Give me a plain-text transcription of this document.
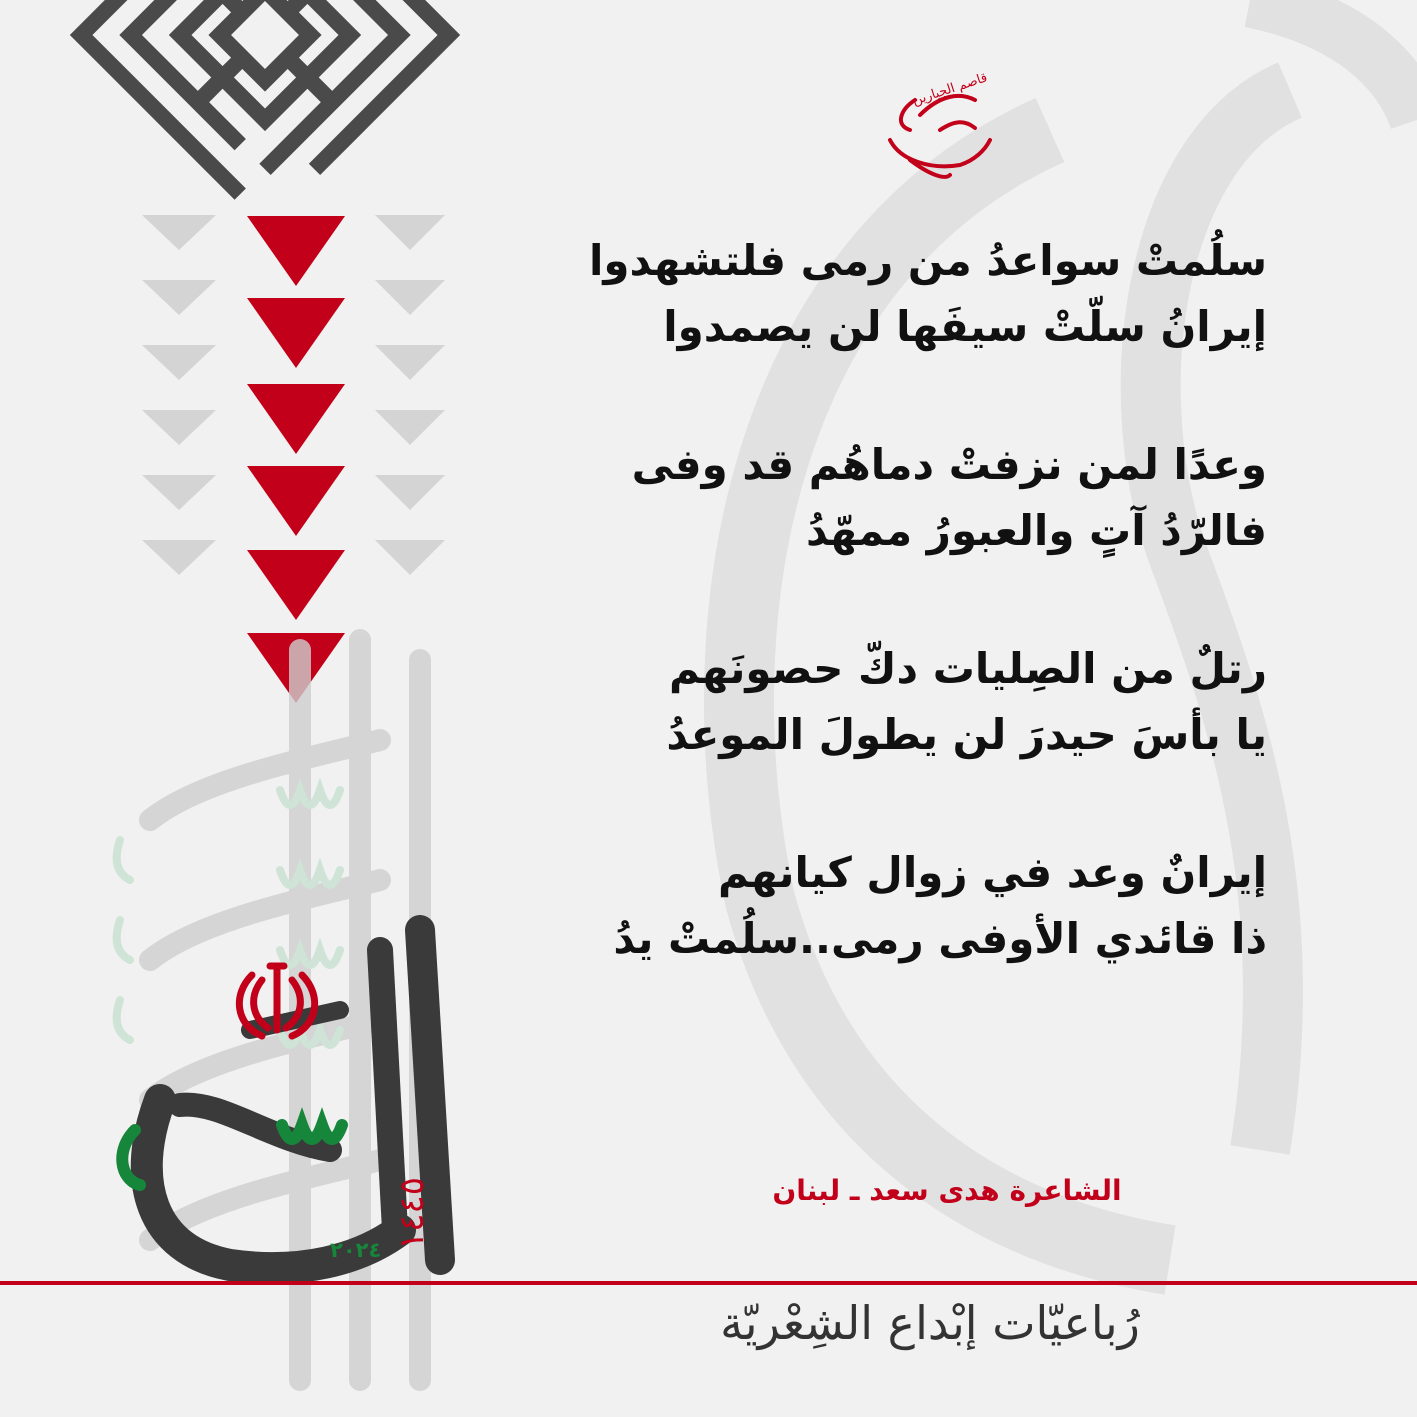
قاصم الجبارين
سلُمتْ سواعدُ من رمى فلتشهدوا
إيرانُ سلّتْ سيفَها لن يصمدوا
وعدًا لمن نزفتْ دماهُم قد وفى
فالرّدُ آتٍ والعبورُ ممهّدُ
رتلٌ من الصِليات دكّ حصونَهم
يا بأسَ حيدرَ لن يطولَ الموعدُ
إيرانٌ وعد في زوال كيانهم
ذا قائدي الأوفى رمى..سلُمتْ يدُ
الشاعرة هدى سعد ـ لبنان
٢٠٢٤ ١٤٤٥
رُباعيّات إبْداع الشِعْريّة
